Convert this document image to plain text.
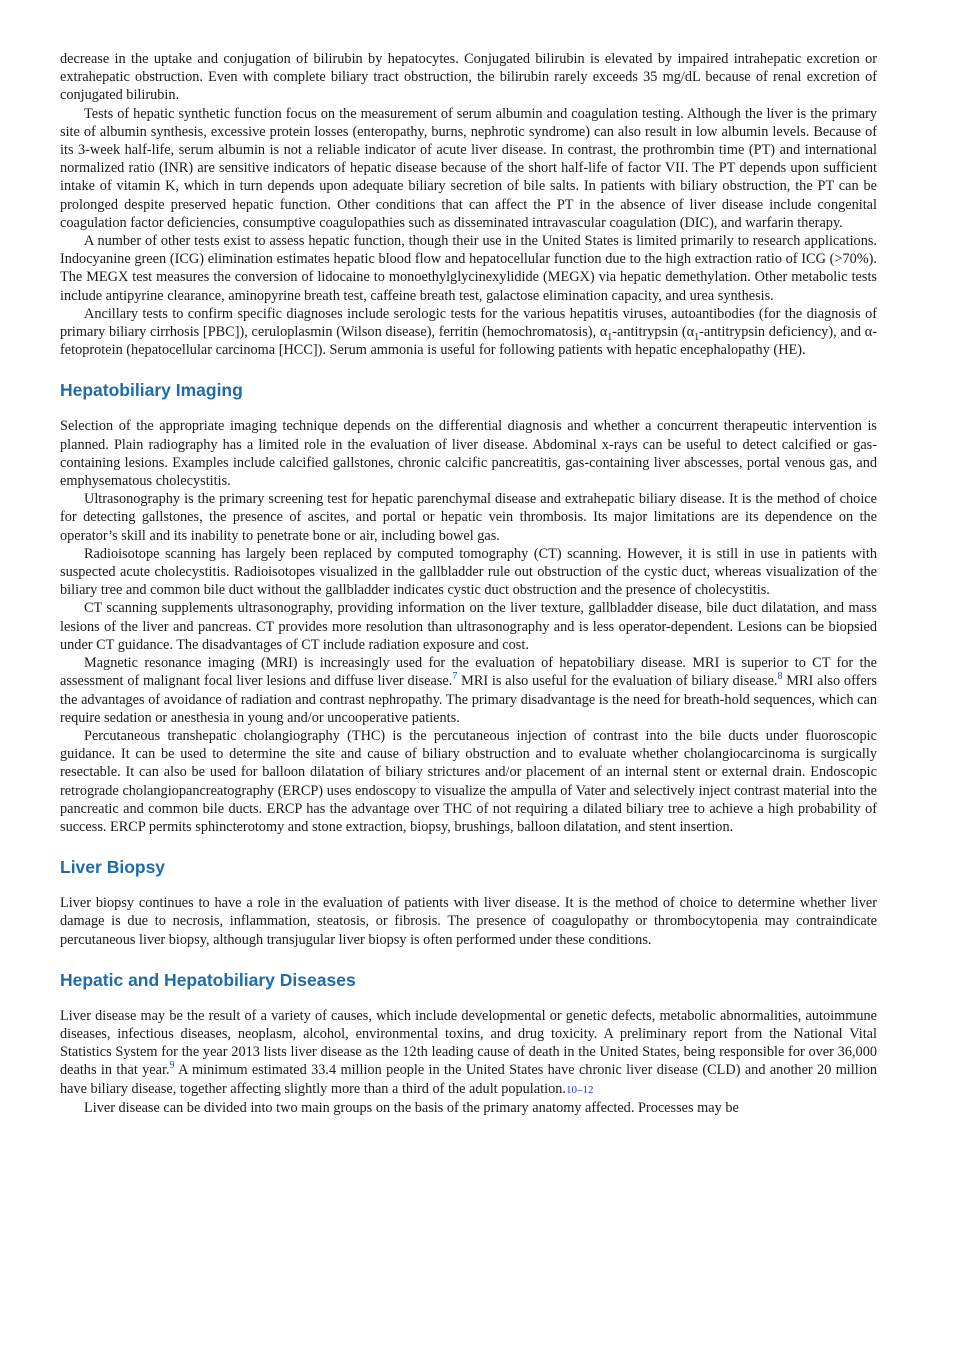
decrease in the uptake and conjugation of bilirubin by hepatocytes. Conjugated bilirubin is elevated by impaired intrahepatic excretion or extrahepatic obstruction. Even with complete biliary tract obstruction, the bilirubin rarely exceeds 35 mg/dL because of renal excretion of conjugated bilirubin.

Tests of hepatic synthetic function focus on the measurement of serum albumin and coagulation testing. Although the liver is the primary site of albumin synthesis, excessive protein losses (enteropathy, burns, nephrotic syndrome) can also result in low albumin levels. Because of its 3-week half-life, serum albumin is not a reliable indicator of acute liver disease. In contrast, the prothrombin time (PT) and international normalized ratio (INR) are sensitive indicators of hepatic disease because of the short half-life of factor VII. The PT depends upon sufficient intake of vitamin K, which in turn depends upon adequate biliary secretion of bile salts. In patients with biliary obstruction, the PT can be prolonged despite preserved hepatic function. Other conditions that can affect the PT in the absence of liver disease include congenital coagulation factor deficiencies, consumptive coagulopathies such as disseminated intravascular coagulation (DIC), and warfarin therapy.

A number of other tests exist to assess hepatic function, though their use in the United States is limited primarily to research applications. Indocyanine green (ICG) elimination estimates hepatic blood flow and hepatocellular function due to the high extraction ratio of ICG (>70%). The MEGX test measures the conversion of lidocaine to monoethylglycinexylidide (MEGX) via hepatic demethylation. Other metabolic tests include antipyrine clearance, aminopyrine breath test, caffeine breath test, galactose elimination capacity, and urea synthesis.

Ancillary tests to confirm specific diagnoses include serologic tests for the various hepatitis viruses, autoantibodies (for the diagnosis of primary biliary cirrhosis [PBC]), ceruloplasmin (Wilson disease), ferritin (hemochromatosis), $\alpha_1$-antitrypsin ($\alpha_1$-antitrypsin deficiency), and α-fetoprotein (hepatocellular carcinoma [HCC]). Serum ammonia is useful for following patients with hepatic encephalopathy (HE).

Hepatobiliary Imaging

Selection of the appropriate imaging technique depends on the differential diagnosis and whether a concurrent therapeutic intervention is planned. Plain radiography has a limited role in the evaluation of liver disease. Abdominal x-rays can be useful to detect calcified or gas-containing lesions. Examples include calcified gallstones, chronic calcific pancreatitis, gas-containing liver abscesses, portal venous gas, and emphysematous cholecystitis.

Ultrasonography is the primary screening test for hepatic parenchymal disease and extrahepatic biliary disease. It is the method of choice for detecting gallstones, the presence of ascites, and portal or hepatic vein thrombosis. Its major limitations are its dependence on the operator’s skill and its inability to penetrate bone or air, including bowel gas.

Radioisotope scanning has largely been replaced by computed tomography (CT) scanning. However, it is still in use in patients with suspected acute cholecystitis. Radioisotopes visualized in the gallbladder rule out obstruction of the cystic duct, whereas visualization of the biliary tree and common bile duct without the gallbladder indicates cystic duct obstruction and the presence of cholecystitis.

CT scanning supplements ultrasonography, providing information on the liver texture, gallbladder disease, bile duct dilatation, and mass lesions of the liver and pancreas. CT provides more resolution than ultrasonography and is less operator-dependent. Lesions can be biopsied under CT guidance. The disadvantages of CT include radiation exposure and cost.

Magnetic resonance imaging (MRI) is increasingly used for the evaluation of hepatobiliary disease. MRI is superior to CT for the assessment of malignant focal liver lesions and diffuse liver disease.$^7$ MRI is also useful for the evaluation of biliary disease.$^8$ MRI also offers the advantages of avoidance of radiation and contrast nephropathy. The primary disadvantage is the need for breath-hold sequences, which can require sedation or anesthesia in young and/or uncooperative patients.

Percutaneous transhepatic cholangiography (THC) is the percutaneous injection of contrast into the bile ducts under fluoroscopic guidance. It can be used to determine the site and cause of biliary obstruction and to evaluate whether cholangiocarcinoma is surgically resectable. It can also be used for balloon dilatation of biliary strictures and/or placement of an internal stent or external drain. Endoscopic retrograde cholangiopancreatography (ERCP) uses endoscopy to visualize the ampulla of Vater and selectively inject contrast material into the pancreatic and common bile ducts. ERCP has the advantage over THC of not requiring a dilated biliary tree to achieve a high probability of success. ERCP permits sphincterotomy and stone extraction, biopsy, brushings, balloon dilatation, and stent insertion.

Liver Biopsy

Liver biopsy continues to have a role in the evaluation of patients with liver disease. It is the method of choice to determine whether liver damage is due to necrosis, inflammation, steatosis, or fibrosis. The presence of coagulopathy or thrombocytopenia may contraindicate percutaneous liver biopsy, although transjugular liver biopsy is often performed under these conditions.

Hepatic and Hepatobiliary Diseases

Liver disease may be the result of a variety of causes, which include developmental or genetic defects, metabolic abnormalities, autoimmune diseases, infectious diseases, neoplasm, alcohol, environmental toxins, and drug toxicity. A preliminary report from the National Vital Statistics System for the year 2013 lists liver disease as the 12th leading cause of death in the United States, being responsible for over 36,000 deaths in that year.$^9$ A minimum estimated 33.4 million people in the United States have chronic liver disease (CLD) and another 20 million have biliary disease, together affecting slightly more than a third of the adult population.10–12

Liver disease can be divided into two main groups on the basis of the primary anatomy affected. Processes may be
